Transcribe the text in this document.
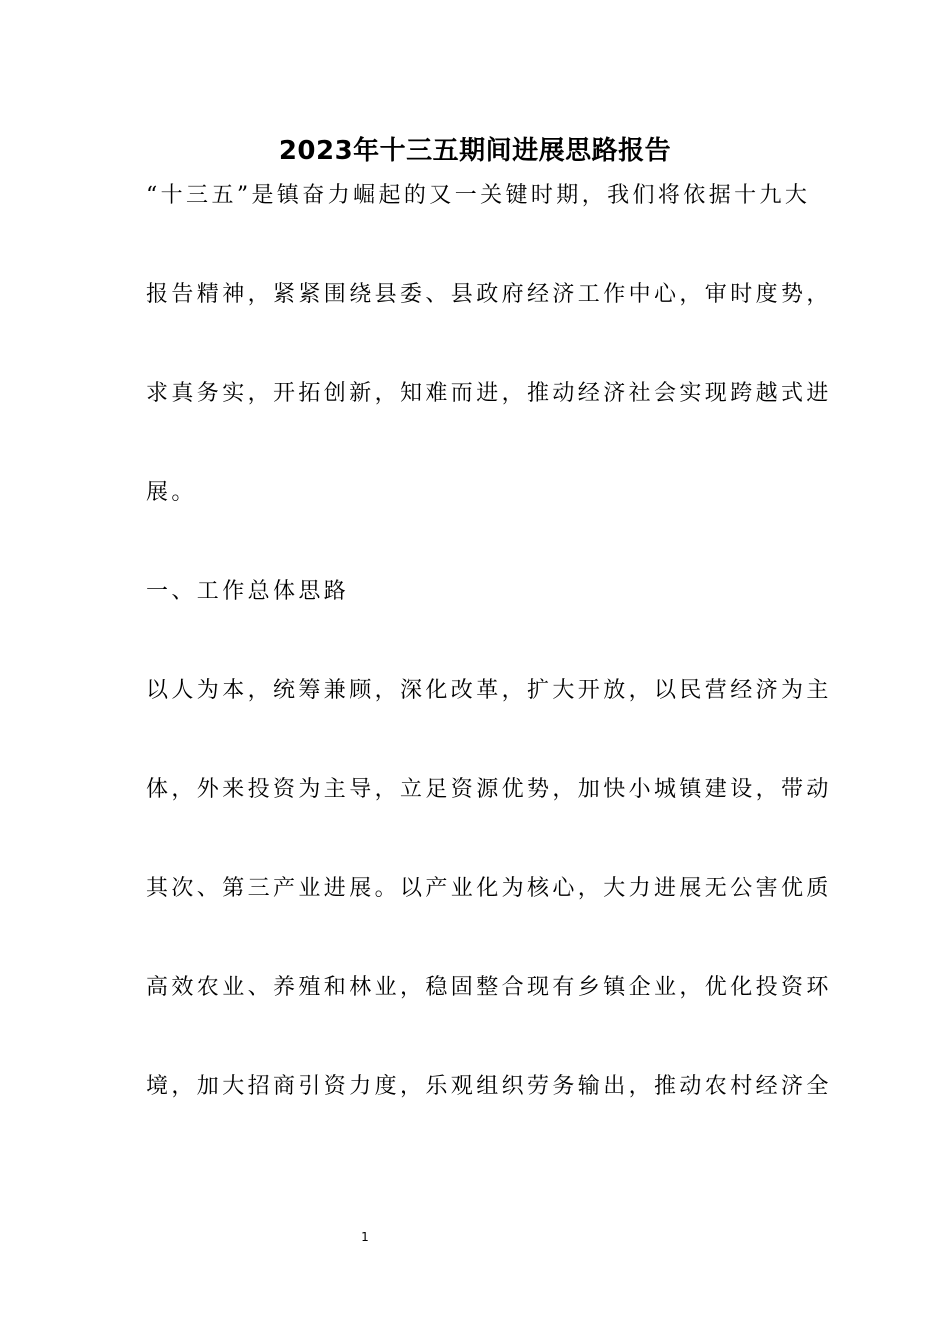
2023年十三五期间进展思路报告
“十三五”是镇奋力崛起的又一关键时期，我们将依据十九大
报告精神，紧紧围绕县委、县政府经济工作中心，审时度势，
求真务实，开拓创新，知难而进，推动经济社会实现跨越式进
展。
一、工作总体思路
以人为本，统筹兼顾，深化改革，扩大开放，以民营经济为主
体，外来投资为主导，立足资源优势，加快小城镇建设，带动
其次、第三产业进展。以产业化为核心，大力进展无公害优质
高效农业、养殖和林业，稳固整合现有乡镇企业，优化投资环
境，加大招商引资力度，乐观组织劳务输出，推动农村经济全
1
